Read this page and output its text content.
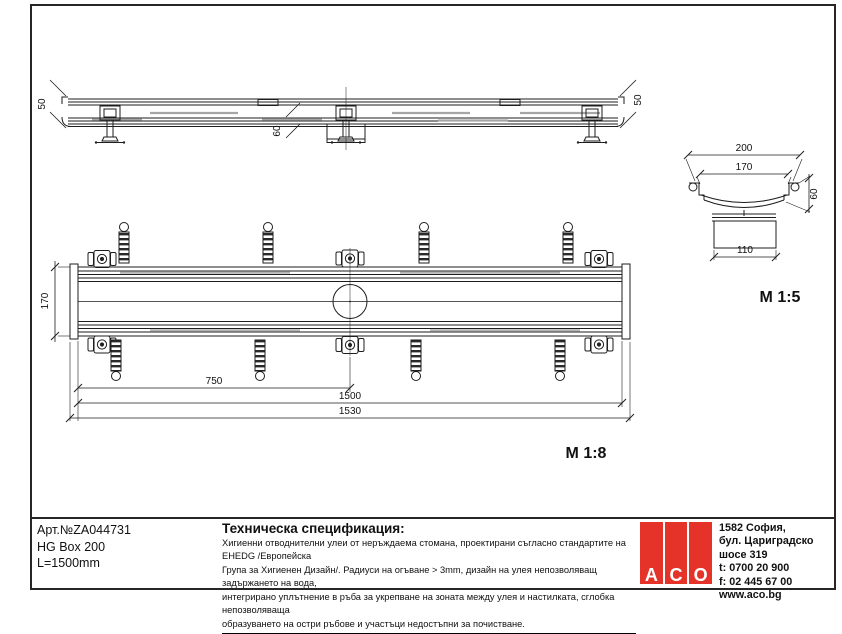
50
60
50
170
750
1500
1530
M 1:8
200
170
110
60
M 1:5
Арт.№ZA044731
HG Box 200
L=1500mm
Техническа спецификация:
Хигиенни отводнителни улеи от неръждаема стомана, проектирани съгласно стандартите на EHEDG /Европейска
Група за Хигиенен Дизайн/. Радиуси на огъване > 3mm, дизайн на улея непозволяващ задържането на вода,
интегрирано уплътнение в ръба за укрепване на зоната между улея и настилката, сглобка непозволяваща
образуването на остри ръбове и участъци недостъпни за почистване.
A C O
1582 София,
бул. Цариградско шосе 319
t: 0700 20 900
f: 02 445 67 00
www.aco.bg
